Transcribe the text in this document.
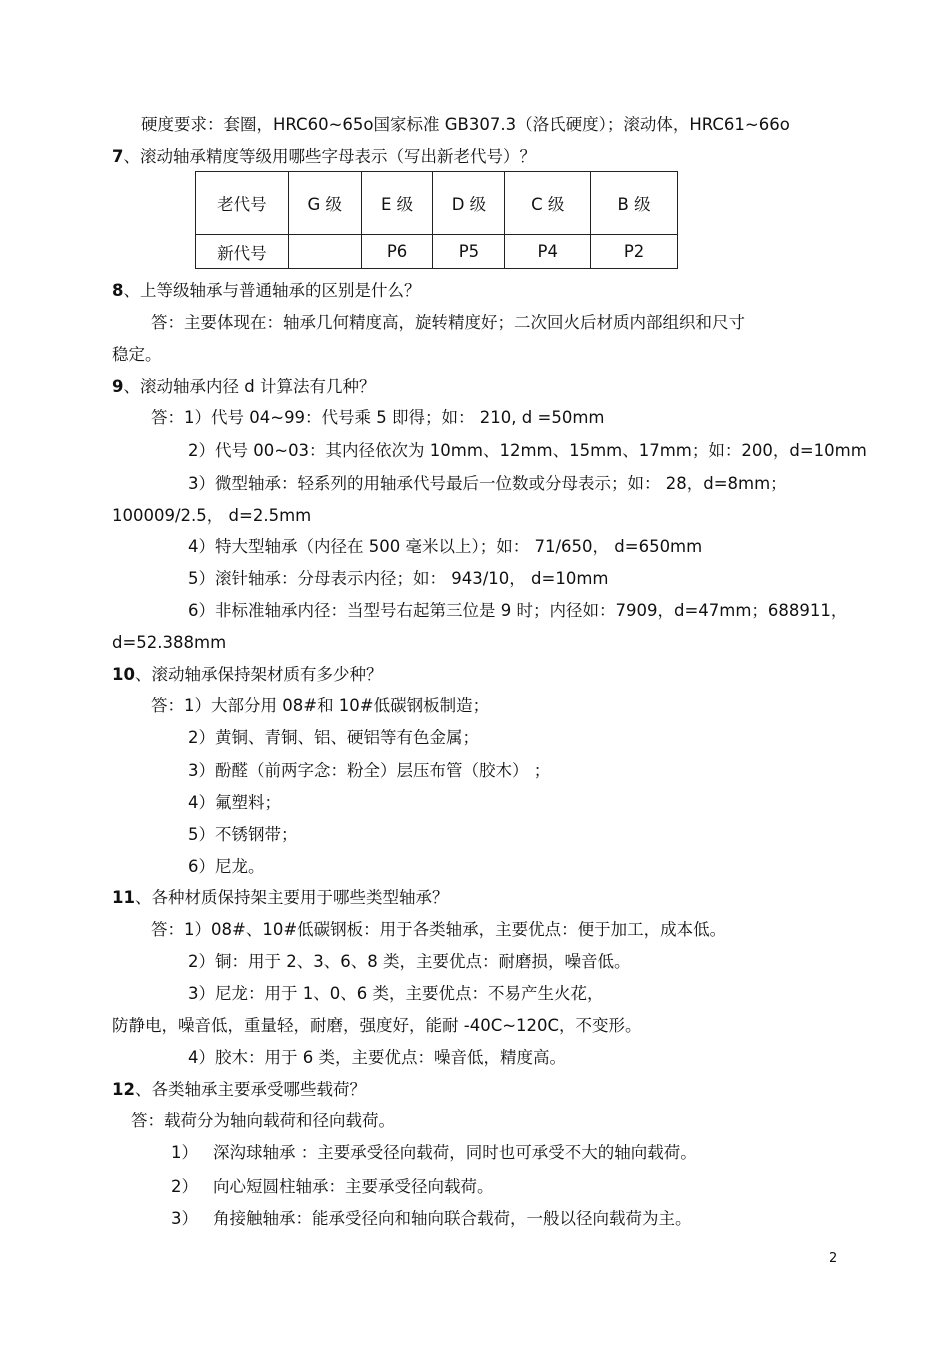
硬度要求：套圈，HRC60~65o国家标准 GB307.3（洛氏硬度）；滚动体，HRC61~66o
7、滚动轴承精度等级用哪些字母表示（写出新老代号）？
老代号	G 级	E 级	D 级	C 级	B 级
新代号		P6	P5	P4	P2
8、上等级轴承与普通轴承的区别是什么？
答：主要体现在：轴承几何精度高，旋转精度好；二次回火后材质内部组织和尺寸
稳定。
9、滚动轴承内径 d 计算法有几种？
答：1）代号 04~99：代号乘 5 即得；如： 210, d =50mm
2）代号 00~03：其内径依次为 10mm、12mm、15mm、17mm；如：200，d=10mm
3）微型轴承：轻系列的用轴承代号最后一位数或分母表示；如： 28，d=8mm；
100009/2.5， d=2.5mm
4）特大型轴承（内径在 500 毫米以上）；如： 71/650， d=650mm
5）滚针轴承：分母表示内径；如： 943/10， d=10mm
6）非标准轴承内径：当型号右起第三位是 9 时；内径如：7909，d=47mm；688911，
d=52.388mm
10、滚动轴承保持架材质有多少种？
答：1）大部分用 08#和 10#低碳钢板制造；
2）黄铜、青铜、铝、硬铝等有色金属；
3）酚醛（前两字念：粉全）层压布管（胶木） ；
4）氟塑料；
5）不锈钢带；
6）尼龙。
11、各种材质保持架主要用于哪些类型轴承？
答：1）08#、10#低碳钢板：用于各类轴承，主要优点：便于加工，成本低。
2）铜：用于 2、3、6、8 类，主要优点：耐磨损，噪音低。
3）尼龙：用于 1、0、6 类，主要优点：不易产生火花，
防静电，噪音低，重量轻，耐磨，强度好，能耐 -40C~120C，不变形。
4）胶木：用于 6 类，主要优点：噪音低，精度高。
12、各类轴承主要承受哪些载荷？
答：载荷分为轴向载荷和径向载荷。
1） 深沟球轴承 ：主要承受径向载荷，同时也可承受不大的轴向载荷。
2） 向心短圆柱轴承：主要承受径向载荷。
3） 角接触轴承：能承受径向和轴向联合载荷，一般以径向载荷为主。
2
